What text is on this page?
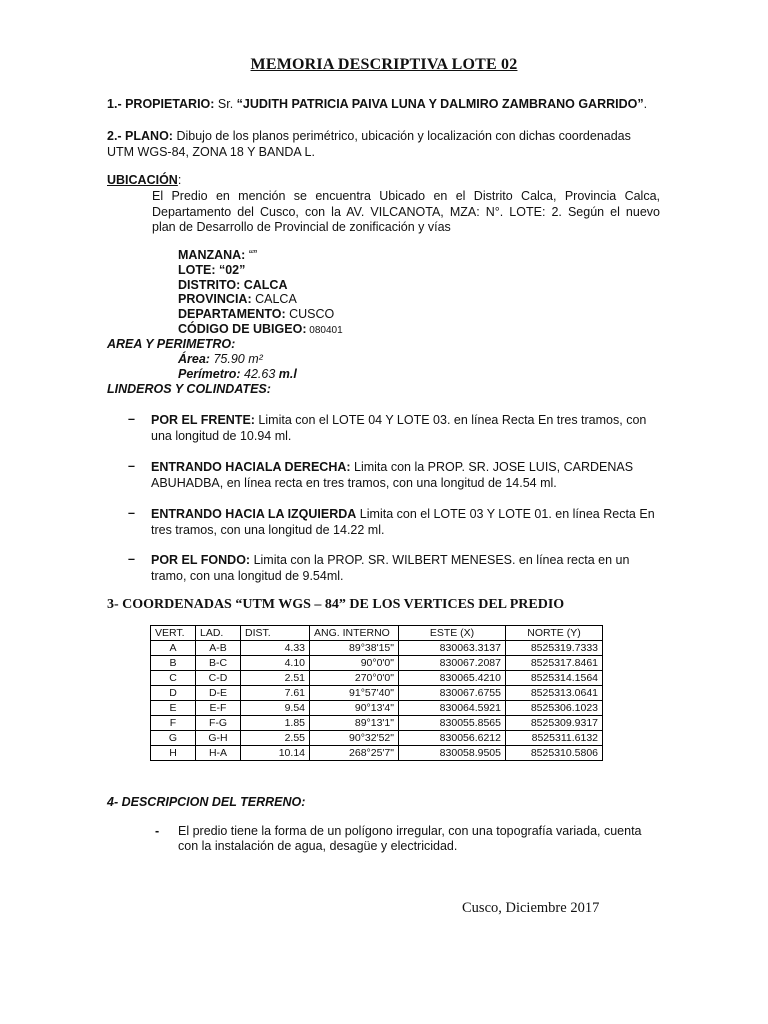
MEMORIA DESCRIPTIVA LOTE 02
1.- PROPIETARIO: Sr. “JUDITH PATRICIA PAIVA LUNA Y DALMIRO ZAMBRANO GARRIDO”.
2.- PLANO: Dibujo de los planos perimétrico, ubicación y localización con dichas coordenadas
UTM WGS-84, ZONA 18 Y BANDA L.
UBICACIÓN:
El Predio en mención se encuentra Ubicado en el Distrito Calca, Provincia Calca,
Departamento del Cusco, con la AV. VILCANOTA, MZA: N°. LOTE: 2. Según el nuevo
plan de Desarrollo de Provincial de zonificación y vías
MANZANA: “”
LOTE: “02”
DISTRITO: CALCA
PROVINCIA: CALCA
DEPARTAMENTO: CUSCO
CÓDIGO DE UBIGEO: 080401
AREA Y PERIMETRO:
Área: 75.90 m²
Perímetro: 42.63 m.l
LINDEROS Y COLINDATES:
– POR EL FRENTE: Limita con el LOTE 04 Y LOTE 03. en línea Recta En tres tramos, con una longitud de 10.94 ml.
– ENTRANDO HACIALA DERECHA: Limita con la PROP. SR. JOSE LUIS, CARDENAS ABUHADBA, en línea recta en tres tramos, con una longitud de 14.54 ml.
– ENTRANDO HACIA LA IZQUIERDA Limita con el LOTE 03 Y LOTE 01. en línea Recta En tres tramos, con una longitud de 14.22 ml.
– POR EL FONDO: Limita con la PROP. SR. WILBERT MENESES. en línea recta en un tramo, con una longitud de 9.54ml.
3- COORDENADAS “UTM WGS – 84” DE LOS VERTICES DEL PREDIO
VERT.	LAD.	DIST.	ANG. INTERNO	ESTE (X)	NORTE (Y)
A	A-B	4.33	89°38'15"	830063.3137	8525319.7333
B	B-C	4.10	90°0'0"	830067.2087	8525317.8461
C	C-D	2.51	270°0'0"	830065.4210	8525314.1564
D	D-E	7.61	91°57'40"	830067.6755	8525313.0641
E	E-F	9.54	90°13'4"	830064.5921	8525306.1023
F	F-G	1.85	89°13'1"	830055.8565	8525309.9317
G	G-H	2.55	90°32'52"	830056.6212	8525311.6132
H	H-A	10.14	268°25'7"	830058.9505	8525310.5806
4- DESCRIPCION DEL TERRENO:
- El predio tiene la forma de un polígono irregular, con una topografía variada, cuenta
con la instalación de agua, desagüe y electricidad.
Cusco, Diciembre 2017
